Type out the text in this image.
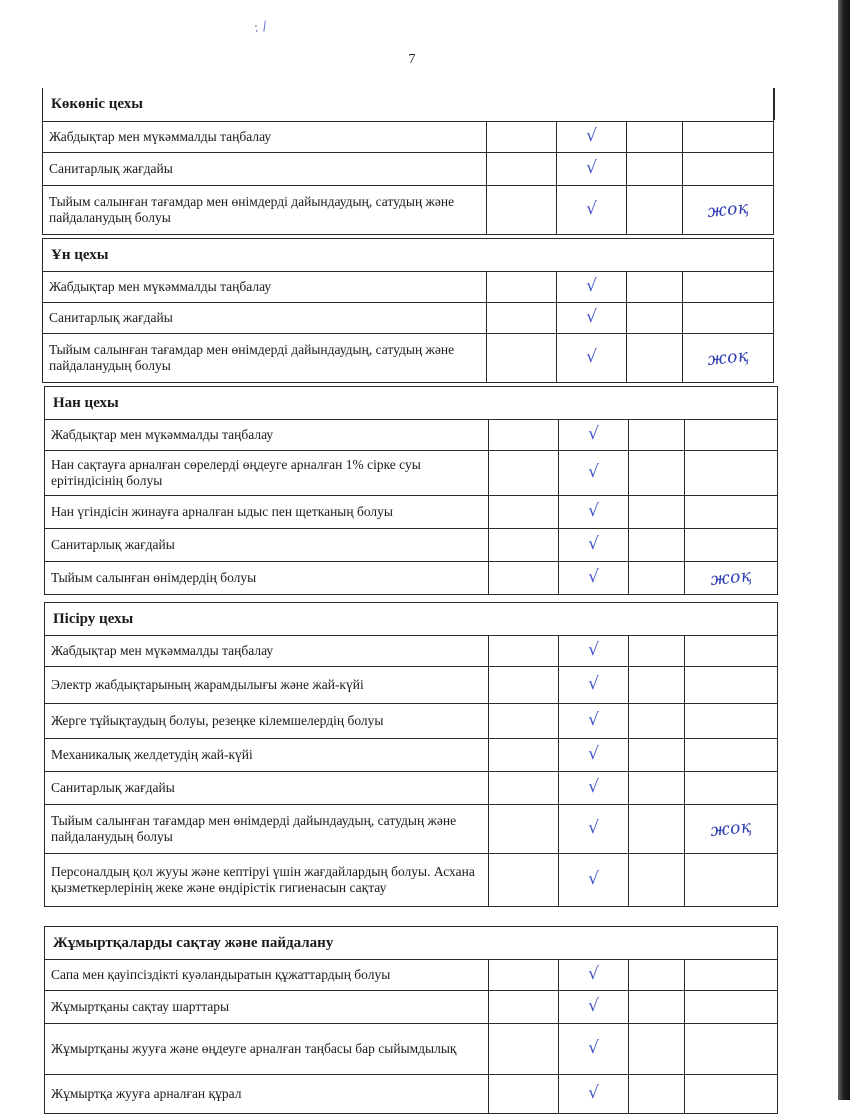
: /
7
Көкөніс цехы
Жабдықтар мен мүкәммалды таңбалау	√
Санитарлық жағдайы	√
Тыйым салынған тағамдар мен өнімдерді дайындаудың, сатудың және пайдаланудың болуы	√	жоқ
Ұн цехы
Жабдықтар мен мүкәммалды таңбалау	√
Санитарлық жағдайы	√
Тыйым салынған тағамдар мен өнімдерді дайындаудың, сатудың және пайдаланудың болуы	√	жоқ
Нан цехы
Жабдықтар мен мүкәммалды таңбалау	√
Нан сақтауға арналған сөрелерді өңдеуге арналған 1% сірке суы ерітіндісінің болуы	√
Нан үгіндісін жинауға арналған ыдыс пен щетканың болуы	√
Санитарлық жағдайы	√
Тыйым салынған өнімдердің болуы	√	жоқ
Пісіру цехы
Жабдықтар мен мүкәммалды таңбалау	√
Электр жабдықтарының жарамдылығы және жай-күйі	√
Жерге тұйықтаудың болуы, резеңке кілемшелердің болуы	√
Механикалық желдетудің жай-күйі	√
Санитарлық жағдайы	√
Тыйым салынған тағамдар мен өнімдерді дайындаудың, сатудың және пайдаланудың болуы	√	жоқ
Персоналдың қол жууы және кептіруі үшін жағдайлардың болуы. Асхана қызметкерлерінің жеке және өндірістік гигиенасын сақтау	√
Жұмыртқаларды сақтау және пайдалану
Сапа мен қауіпсіздікті куәландыратын құжаттардың болуы	√
Жұмыртқаны сақтау шарттары	√
Жұмыртқаны жууға және өңдеуге арналған таңбасы бар сыйымдылық	√
Жұмыртқа жууға арналған құрал	√
